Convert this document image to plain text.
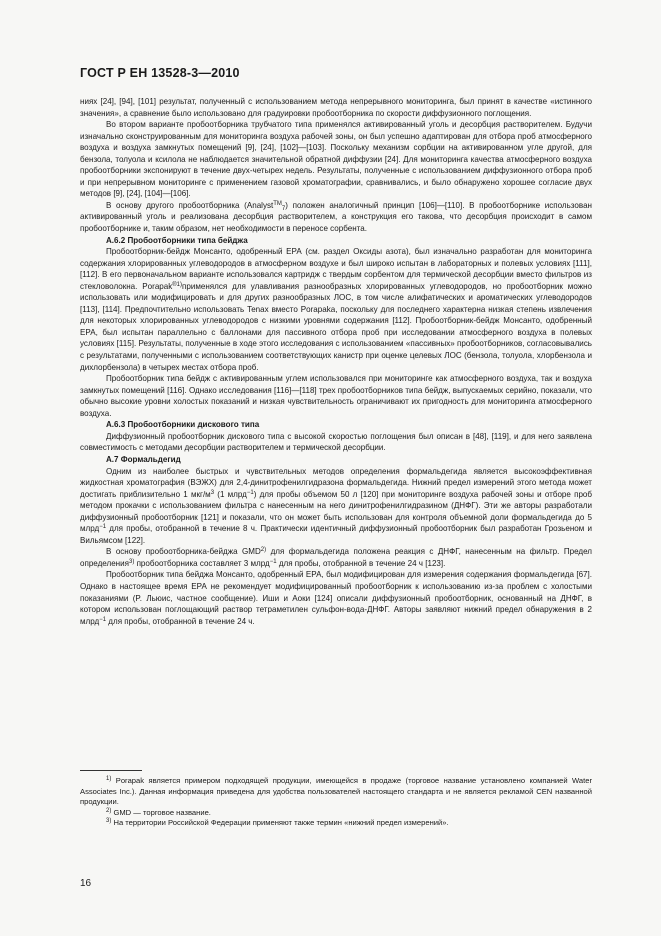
ГОСТ Р ЕН 13528-3—2010

ниях [24], [94], [101] результат, полученный с использованием метода непрерывного мониторинга, был принят в качестве «истинного значения», а сравнение было использовано для градуировки пробоотборника по скорости диффузионного поглощения.

Во втором варианте пробоотборника трубчатого типа применялся активированный уголь и десорбция растворителем. Будучи изначально сконструированным для мониторинга воздуха рабочей зоны, он был успешно адаптирован для отбора проб атмосферного воздуха и воздуха замкнутых помещений [9], [24], [102]—[103]. Поскольку механизм сорбции на активированном угле другой, для бензола, толуола и ксилола не наблюдается значительной обратной диффузии [24]. Для мониторинга качества атмосферного воздуха пробоотборники экспонируют в течение двух-четырех недель. Результаты, полученные с использованием диффузионного отбора проб и при непрерывном мониторинге с применением газовой хроматографии, сравнивались, и было обнаружено хорошее согласие двух методов [9], [24], [104]—[106].

В основу другого пробоотборника (Analyst™$_7$) положен аналогичный принцип [106]—[110]. В пробоотборнике использован активированный уголь и реализована десорбция растворителем, а конструкция его такова, что десорбция происходит в самом пробоотборнике и, таким образом, нет необходимости в переносе сорбента.

А.6.2 Пробоотборники типа бейджа

Пробоотборник-бейдж Монсанто, одобренный ЕРА (см. раздел Оксиды азота), был изначально разработан для мониторинга содержания хлорированных углеводородов в атмосферном воздухе и был широко испытан в лабораторных и полевых условиях [111], [112]. В его первоначальном варианте использовался картридж с твердым сорбентом для термической десорбции вместо фильтров из стекловолокна. Porapak$^{®1)}$применялся для улавливания разнообразных хлорированных углеводородов, но пробоотборник можно использовать или модифицировать и для других разнообразных ЛОС, в том числе алифатических и ароматических углеводородов [113], [114]. Предпочтительно использовать Tenax вместо Porapaka, поскольку для последнего характерна низкая степень извлечения для некоторых хлорированных углеводородов с низкими уровнями содержания [112]. Пробоотборник-бейдж Монсанто, одобренный ЕРА, был испытан параллельно с баллонами для пассивного отбора проб при исследовании атмосферного воздуха в полевых условиях [115]. Результаты, полученные в ходе этого исследования с использованием «пассивных» пробоотборников, согласовывались с результатами, полученными с использованием соответствующих канистр при оценке целевых ЛОС (бензола, толуола, хлорбензола и дихлорбензола) в четырех местах отбора проб.

Пробоотборник типа бейдж с активированным углем использовался при мониторинге как атмосферного воздуха, так и воздуха замкнутых помещений [116]. Однако исследования [116]—[118] трех пробоотборников типа бейдж, выпускаемых серийно, показали, что обычно высокие уровни холостых показаний и низкая чувствительность ограничивают их пригодность для мониторинга атмосферного воздуха.

А.6.3 Пробоотборники дискового типа

Диффузионный пробоотборник дискового типа с высокой скоростью поглощения был описан в [48], [119], и для него заявлена совместимость с методами десорбции растворителем и термической десорбции.

А.7 Формальдегид

Одним из наиболее быстрых и чувствительных методов определения формальдегида является высокоэффективная жидкостная хроматография (ВЭЖХ) для 2,4-динитрофенилгидразона формальдегида. Нижний предел измерений этого метода может достигать приблизительно 1 мкг/$м^3$ (1 млрд$^{-1}$) для пробы объемом 50 л [120] при мониторинге воздуха рабочей зоны и отборе проб методом прокачки с использованием фильтра с нанесенным на него динитрофенилгидразином (ДНФГ). Эти же авторы разработали диффузионный пробоотборник [121] и показали, что он может быть использован для контроля объемной доли формальдегида до 5 млрд$^{-1}$ для пробы, отобранной в течение 8 ч. Практически идентичный диффузионный пробоотборник был разработан Грозьеном и Вильямсом [122].

В основу пробоотборника-бейджа GMD$^{2)}$ для формальдегида положена реакция с ДНФГ, нанесенным на фильтр. Предел определения$^{3)}$ пробоотборника составляет 3 млрд$^{-1}$ для пробы, отобранной в течение 24 ч [123].

Пробоотборник типа бейджа Монсанто, одобренный ЕРА, был модифицирован для измерения содержания формальдегида [67]. Однако в настоящее время ЕРА не рекомендует модифицированный пробоотборник к использованию из-за проблем с холостыми показаниями (P. Льюис, частное сообщение). Иши и Аоки [124] описали диффузионный пробоотборник, основанный на ДНФГ, в котором использован поглощающий раствор тетраметилен сульфон-вода-ДНФГ. Авторы заявляют нижний предел обнаружения в 2 млрд$^{-1}$ для пробы, отобранной в течение 24 ч.

$^{1)}$ Porapak является примером подходящей продукции, имеющейся в продаже (торговое название установлено компанией Water Associates Inc.). Данная информация приведена для удобства пользователей настоящего стандарта и не является рекламой CEN названной продукции.

$^{2)}$ GMD — торговое название.

$^{3)}$ На территории Российской Федерации применяют также термин «нижний предел измерений».

16
